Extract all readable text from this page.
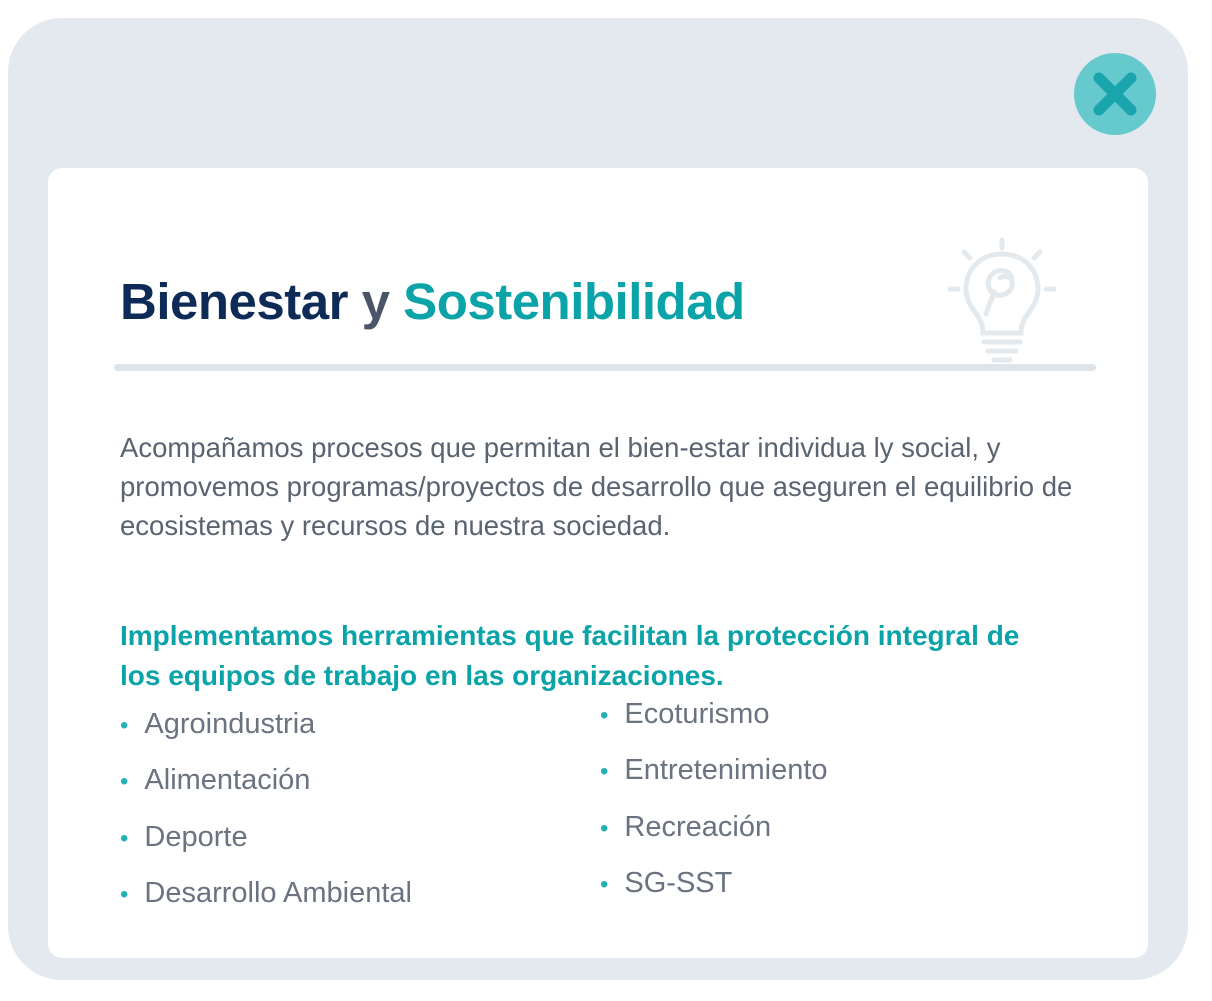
Bienestar y Sostenibilidad

Acompañamos procesos que permitan el bien-estar individua ly social, y promovemos programas/proyectos de desarrollo que aseguren el equilibrio de ecosistemas y recursos de nuestra sociedad.

Implementamos herramientas que facilitan la protección integral de los equipos de trabajo en las organizaciones.

• Agroindustria
• Alimentación
• Deporte
• Desarrollo Ambiental
• Ecoturismo
• Entretenimiento
• Recreación
• SG-SST
